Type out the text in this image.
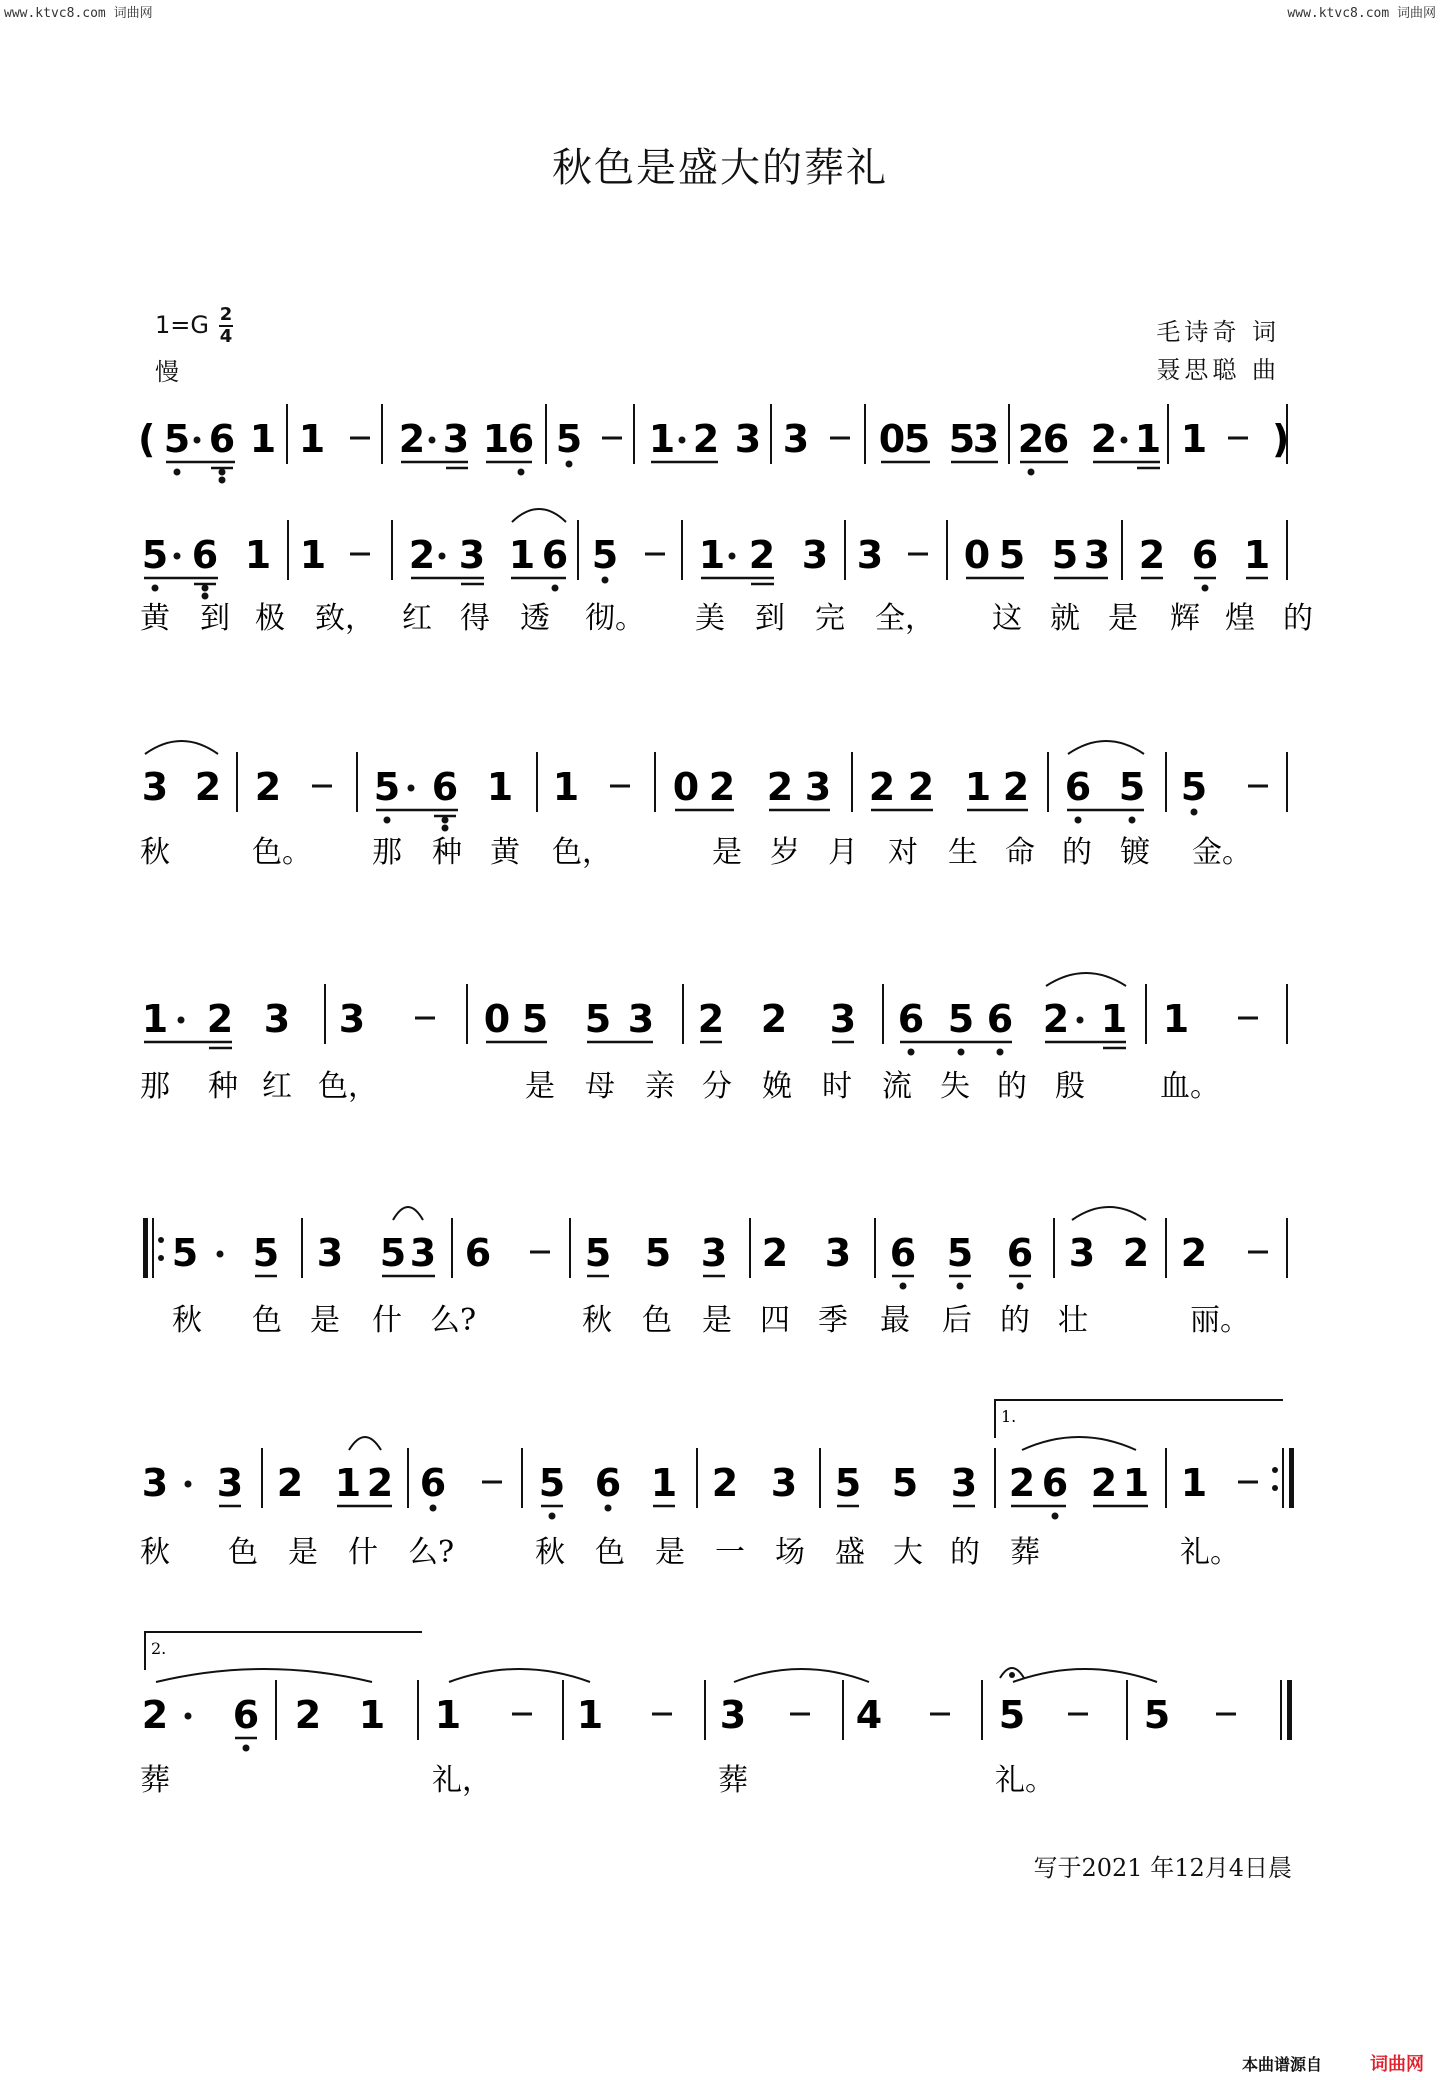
www.ktvc8.com 词曲网	www.ktvc8.com 词曲网
秋色是盛大的葬礼
$1=G \frac{2}{4}$
慢
毛诗奇 词
聂思聪 曲
( 5 6 1 1 2 3 1
6 5 1 2 3 3 0
5 5
3 2
6 2 1 1 )
5 6 1 1 2 3 1 6 5 1 2 3 3 0 5 5 3 2 6 1
黄 到 极 致， 红 得 透 彻。 美 到 完 全， 这 就 是 辉 煌 的
3 2 2 5 6 1 1 0 2 2 3 2 2 1 2 6 5 5
秋	色。 那 种 黄 色，	是 岁 月 对 生 命 的 镀 金。
1 2 3 3	0 5 5 3 2 2 3 6 5 6 2 1 1
那 种 红 色，	是 母 亲 分 娩 时 流 失 的 殷	血。
5 5 3 5 3 6 5 5 3 2 3 6 5 6 3 2 2
秋 色 是 什 么?	秋 色 是 四 季 最 后 的 壮	丽。
1.
3 3 2 1 2 6 5 6 1 2 3 5 5 3 2 6 2 1 1
秋 色 是 什 么?	秋 色 是 一 场 盛 大 的 葬	礼。
2.
2 6 2 1 1	1	3	4	5	5
葬	礼，	葬	礼。
写于2021 年12月4日晨
本曲谱源自	词曲网
